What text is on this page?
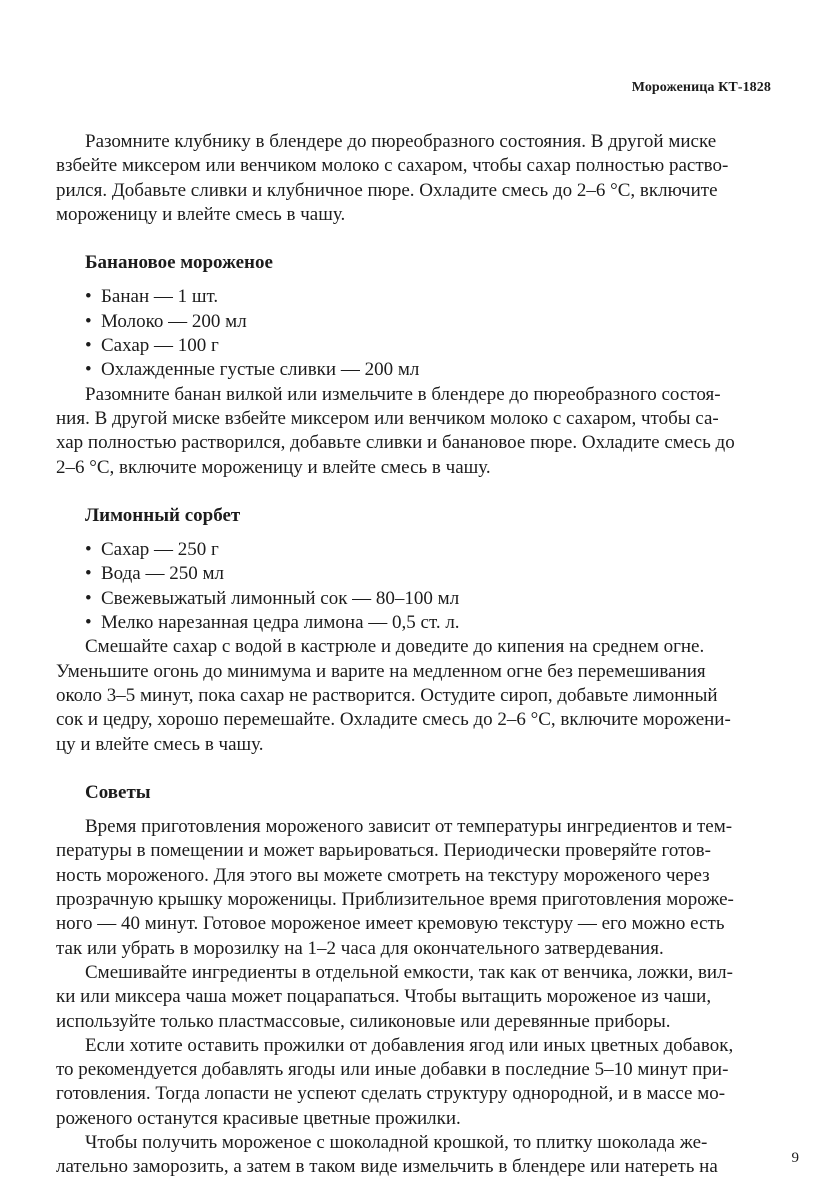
Мороженица КТ-1828

Разомните клубнику в блендере до пюреобразного состояния. В другой миске
взбейте миксером или венчиком молоко с сахаром, чтобы сахар полностью раство-
рился. Добавьте сливки и клубничное пюре. Охладите смесь до 2–6 °С, включите
мороженицу и влейте смесь в чашу.

Банановое мороженое
• Банан — 1 шт.
• Молоко — 200 мл
• Сахар — 100 г
• Охлажденные густые сливки — 200 мл

Разомните банан вилкой или измельчите в блендере до пюреобразного состоя-
ния. В другой миске взбейте миксером или венчиком молоко с сахаром, чтобы са-
хар полностью растворился, добавьте сливки и банановое пюре. Охладите смесь до
2–6 °С, включите мороженицу и влейте смесь в чашу.

Лимонный сорбет
• Сахар — 250 г
• Вода — 250 мл
• Свежевыжатый лимонный сок — 80–100 мл
• Мелко нарезанная цедра лимона — 0,5 ст. л.

Смешайте сахар с водой в кастрюле и доведите до кипения на среднем огне.
Уменьшите огонь до минимума и варите на медленном огне без перемешивания
около 3–5 минут, пока сахар не растворится. Остудите сироп, добавьте лимонный
сок и цедру, хорошо перемешайте. Охладите смесь до 2–6 °С, включите морожени-
цу и влейте смесь в чашу.

Советы

Время приготовления мороженого зависит от температуры ингредиентов и тем-
пературы в помещении и может варьироваться. Периодически проверяйте готов-
ность мороженого. Для этого вы можете смотреть на текстуру мороженого через
прозрачную крышку мороженицы. Приблизительное время приготовления мороже-
ного — 40 минут. Готовое мороженое имеет кремовую текстуру — его можно есть
так или убрать в морозилку на 1–2 часа для окончательного затвердевания.

Смешивайте ингредиенты в отдельной емкости, так как от венчика, ложки, вил-
ки или миксера чаша может поцарапаться. Чтобы вытащить мороженое из чаши,
используйте только пластмассовые, силиконовые или деревянные приборы.

Если хотите оставить прожилки от добавления ягод или иных цветных добавок,
то рекомендуется добавлять ягоды или иные добавки в последние 5–10 минут при-
готовления. Тогда лопасти не успеют сделать структуру однородной, и в массе мо-
роженого останутся красивые цветные прожилки.

Чтобы получить мороженое с шоколадной крошкой, то плитку шоколада же-
лательно заморозить, а затем в таком виде измельчить в блендере или натереть на	9
